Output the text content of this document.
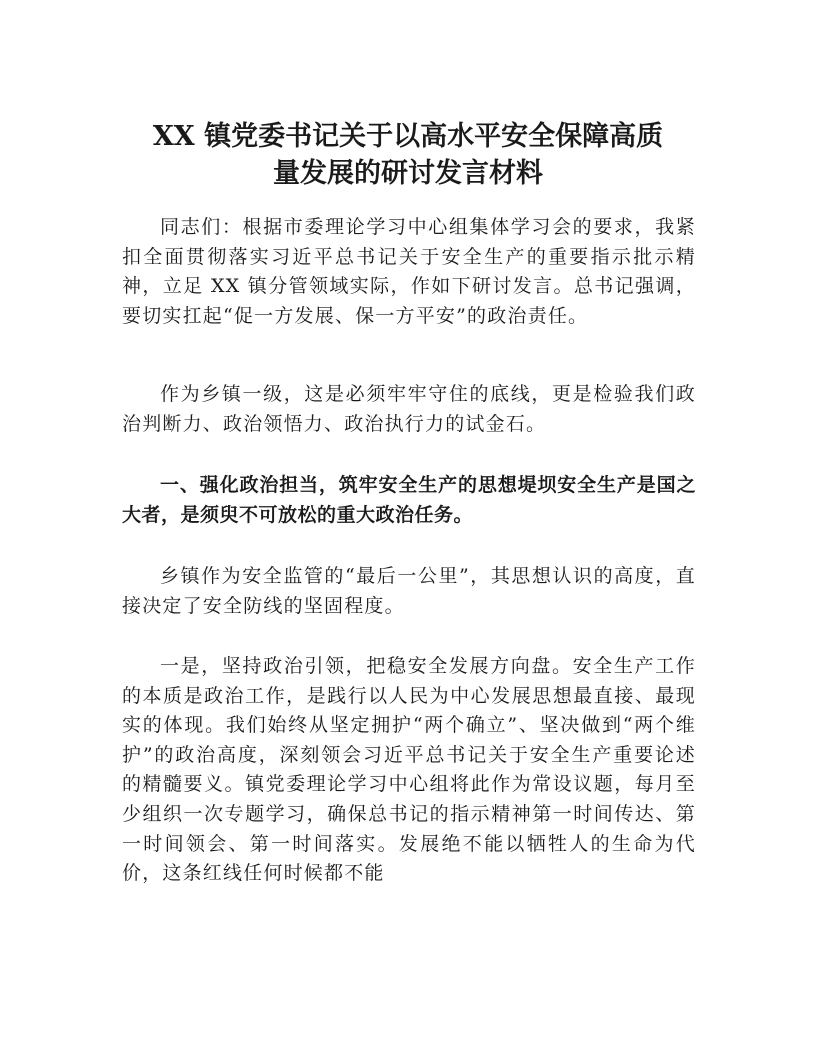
XX 镇党委书记关于以高水平安全保障高质
量发展的研讨发言材料

同志们：根据市委理论学习中心组集体学习会的要求，我紧扣全面贯彻落实习近平总书记关于安全生产的重要指示批示精神，立足 XX 镇分管领域实际，作如下研讨发言。总书记强调，要切实扛起“促一方发展、保一方平安”的政治责任。

作为乡镇一级，这是必须牢牢守住的底线，更是检验我们政治判断力、政治领悟力、政治执行力的试金石。

一、强化政治担当，筑牢安全生产的思想堤坝安全生产是国之大者，是须臾不可放松的重大政治任务。

乡镇作为安全监管的“最后一公里”，其思想认识的高度，直接决定了安全防线的坚固程度。

一是，坚持政治引领，把稳安全发展方向盘。安全生产工作的本质是政治工作，是践行以人民为中心发展思想最直接、最现实的体现。我们始终从坚定拥护“两个确立”、坚决做到“两个维护”的政治高度，深刻领会习近平总书记关于安全生产重要论述的精髓要义。镇党委理论学习中心组将此作为常设议题，每月至少组织一次专题学习，确保总书记的指示精神第一时间传达、第一时间领会、第一时间落实。发展绝不能以牺牲人的生命为代价，这条红线任何时候都不能
